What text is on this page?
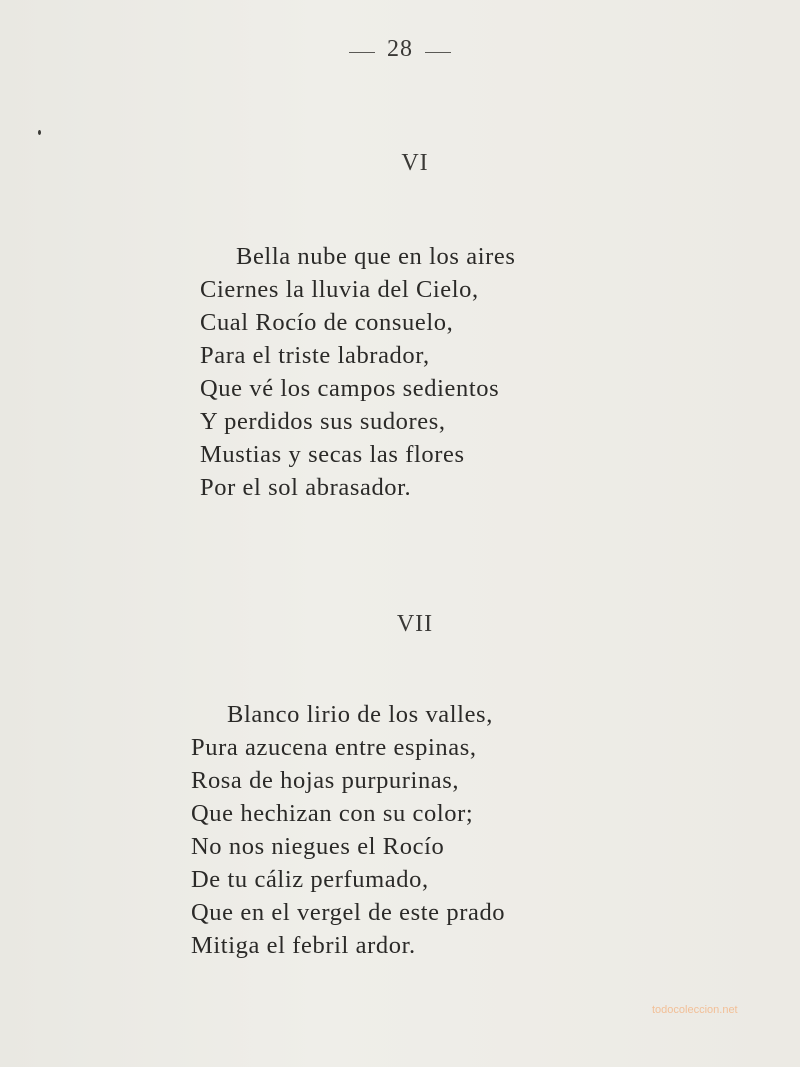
28
VI
Bella nube que en los aires
Ciernes la lluvia del Cielo,
Cual Rocío de consuelo,
Para el triste labrador,
Que vé los campos sedientos
Y perdidos sus sudores,
Mustias y secas las flores
Por el sol abrasador.
VII
Blanco lirio de los valles,
Pura azucena entre espinas,
Rosa de hojas purpurinas,
Que hechizan con su color;
No nos niegues el Rocío
De tu cáliz perfumado,
Que en el vergel de este prado
Mitiga el febril ardor.
todocoleccion.net
